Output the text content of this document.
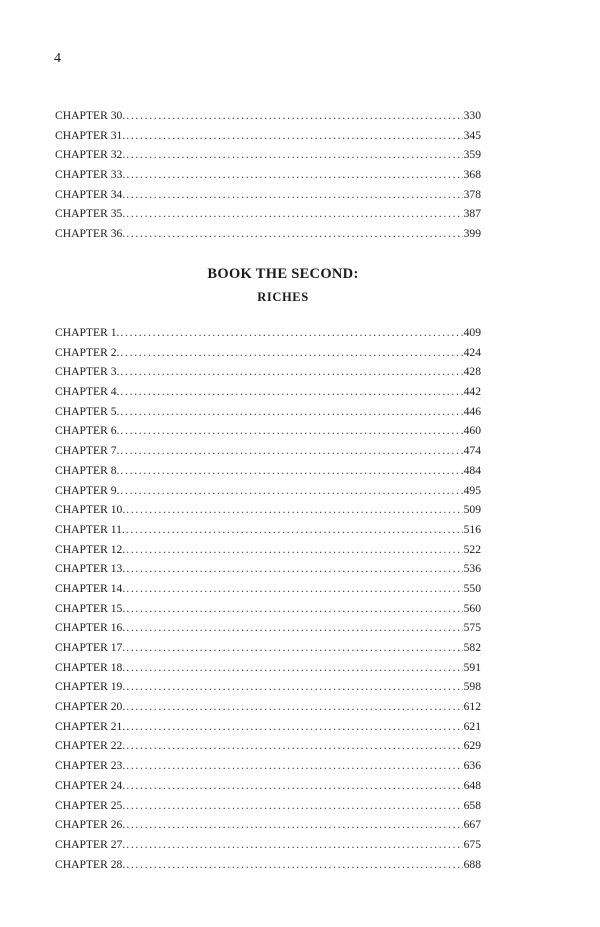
4
CHAPTER 30. . . .	330
CHAPTER 31. . . .	345
CHAPTER 32. . . .	359
CHAPTER 33. . . .	368
CHAPTER 34. . . .	378
CHAPTER 35. . . .	387
CHAPTER 36. . . .	399
BOOK THE SECOND:
RICHES
CHAPTER 1. . . .	409
CHAPTER 2. . . .	424
CHAPTER 3. . . .	428
CHAPTER 4. . . .	442
CHAPTER 5. . . .	446
CHAPTER 6. . . .	460
CHAPTER 7. . . .	474
CHAPTER 8. . . .	484
CHAPTER 9. . . .	495
CHAPTER 10. . . .	509
CHAPTER 11. . . .	516
CHAPTER 12. . . .	522
CHAPTER 13. . . .	536
CHAPTER 14. . . .	550
CHAPTER 15. . . .	560
CHAPTER 16. . . .	575
CHAPTER 17. . . .	582
CHAPTER 18. . . .	591
CHAPTER 19. . . .	598
CHAPTER 20. . . .	612
CHAPTER 21. . . .	621
CHAPTER 22. . . .	629
CHAPTER 23. . . .	636
CHAPTER 24. . . .	648
CHAPTER 25. . . .	658
CHAPTER 26. . . .	667
CHAPTER 27. . . .	675
CHAPTER 28. . . .	688
